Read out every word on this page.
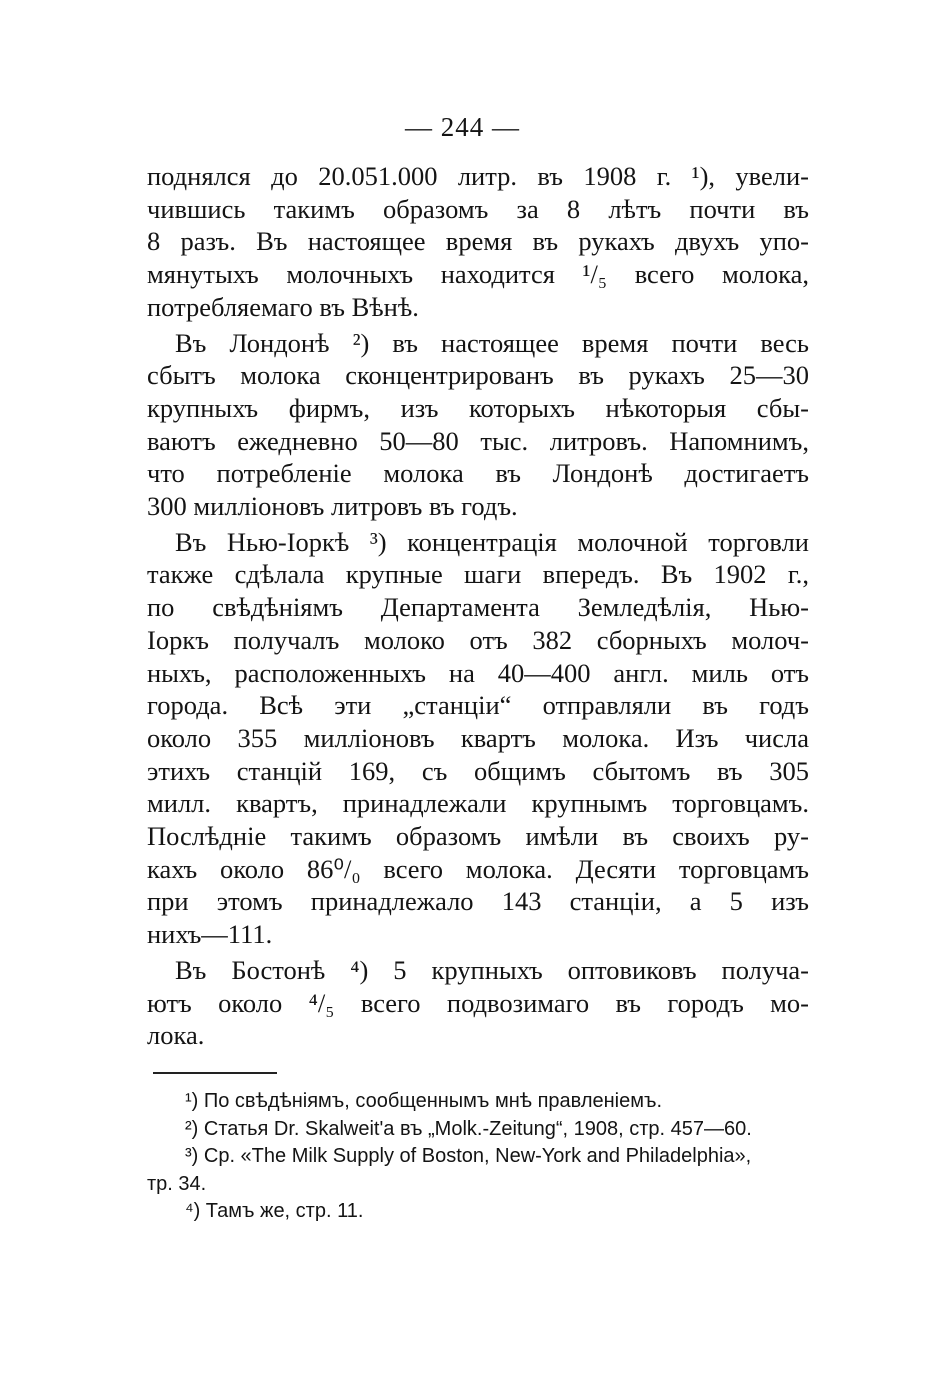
— 244 —
поднялся до 20.051.000 литр. въ 1908 г. ¹), увели-
чившись такимъ образомъ за 8 лѣтъ почти въ
8 разъ. Въ настоящее время въ рукахъ двухъ упо-
мянутыхъ молочныхъ находится ¹/₅ всего молока,
потребляемаго въ Вѣнѣ.
Въ Лондонѣ ²) въ настоящее время почти весь
сбытъ молока сконцентрированъ въ рукахъ 25—30
крупныхъ фирмъ, изъ которыхъ нѣкоторыя сбы-
ваютъ ежедневно 50—80 тыс. литровъ. Напомнимъ,
что потребленіе молока въ Лондонѣ достигаетъ
300 милліоновъ литровъ въ годъ.
Въ Нью-Іоркѣ ³) концентрація молочной торговли
также сдѣлала крупные шаги впередъ. Въ 1902 г.,
по свѣдѣніямъ Департамента Земледѣлія, Нью-
Іоркъ получалъ молоко отъ 382 сборныхъ молоч-
ныхъ, расположенныхъ на 40—400 англ. миль отъ
города. Всѣ эти „станціи“ отправляли въ годъ
около 355 милліоновъ квартъ молока. Изъ числа
этихъ станцій 169, съ общимъ сбытомъ въ 305
милл. квартъ, принадлежали крупнымъ торговцамъ.
Послѣдніе такимъ образомъ имѣли въ своихъ ру-
кахъ около 86⁰/₀ всего молока. Десяти торговцамъ
при этомъ принадлежало 143 станціи, а 5 изъ
нихъ—111.
Въ Бостонѣ ⁴) 5 крупныхъ оптовиковъ получа-
ютъ около ⁴/₅ всего подвозимаго въ городъ мо-
лока.
¹) По свѣдѣніямъ, сообщеннымъ мнѣ правленіемъ.
²) Статья Dr. Skalweit'а въ „Molk.-Zeitung“, 1908, стр. 457—60.
³) Ср. «The Milk Supply of Boston, New-York and Philadelphia»,
тр. 34.
⁴) Тамъ же, стр. 11.
